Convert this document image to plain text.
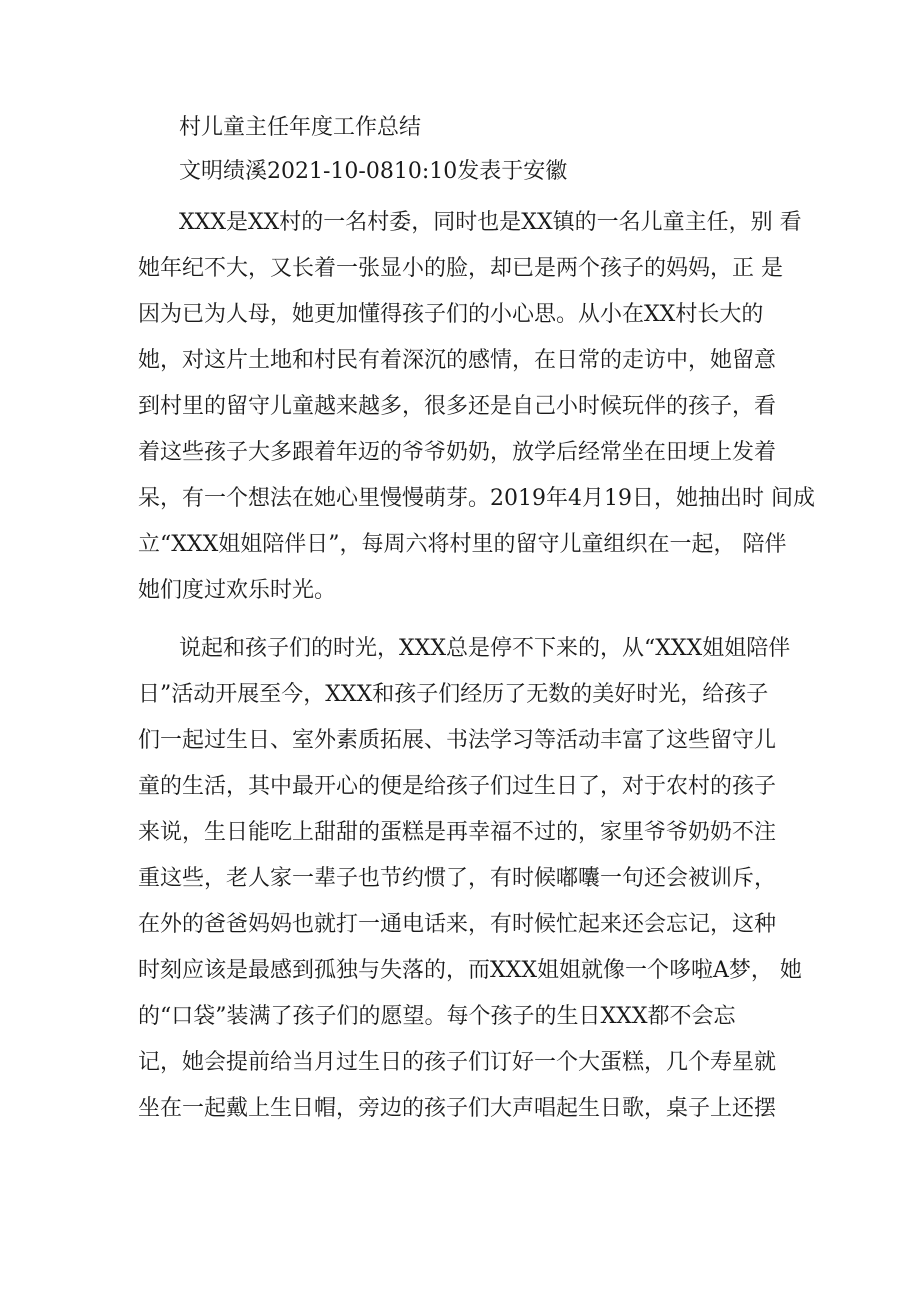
村儿童主任年度工作总结
文明绩溪2021-10-0810:10发表于安徽
XXX是XX村的一名村委，同时也是XX镇的一名儿童主任，别 看
她年纪不大，又长着一张显小的脸，却已是两个孩子的妈妈，正 是
因为已为人母，她更加懂得孩子们的小心思。从小在XX村长大的
她，对这片土地和村民有着深沉的感情，在日常的走访中，她留意
到村里的留守儿童越来越多，很多还是自己小时候玩伴的孩子，看
着这些孩子大多跟着年迈的爷爷奶奶，放学后经常坐在田埂上发着
呆，有一个想法在她心里慢慢萌芽。2019年4月19日，她抽出时 间成
立“XXX姐姐陪伴日”，每周六将村里的留守儿童组织在一起， 陪伴
她们度过欢乐时光。
说起和孩子们的时光，XXX总是停不下来的，从“XXX姐姐陪伴
日”活动开展至今，XXX和孩子们经历了无数的美好时光，给孩子
们一起过生日、室外素质拓展、书法学习等活动丰富了这些留守儿
童的生活，其中最开心的便是给孩子们过生日了，对于农村的孩子
来说，生日能吃上甜甜的蛋糕是再幸福不过的，家里爷爷奶奶不注
重这些，老人家一辈子也节约惯了，有时候嘟囔一句还会被训斥，
在外的爸爸妈妈也就打一通电话来，有时候忙起来还会忘记，这种
时刻应该是最感到孤独与失落的，而XXX姐姐就像一个哆啦A梦， 她
的“口袋”装满了孩子们的愿望。每个孩子的生日XXX都不会忘
记，她会提前给当月过生日的孩子们订好一个大蛋糕，几个寿星就
坐在一起戴上生日帽，旁边的孩子们大声唱起生日歌，桌子上还摆
